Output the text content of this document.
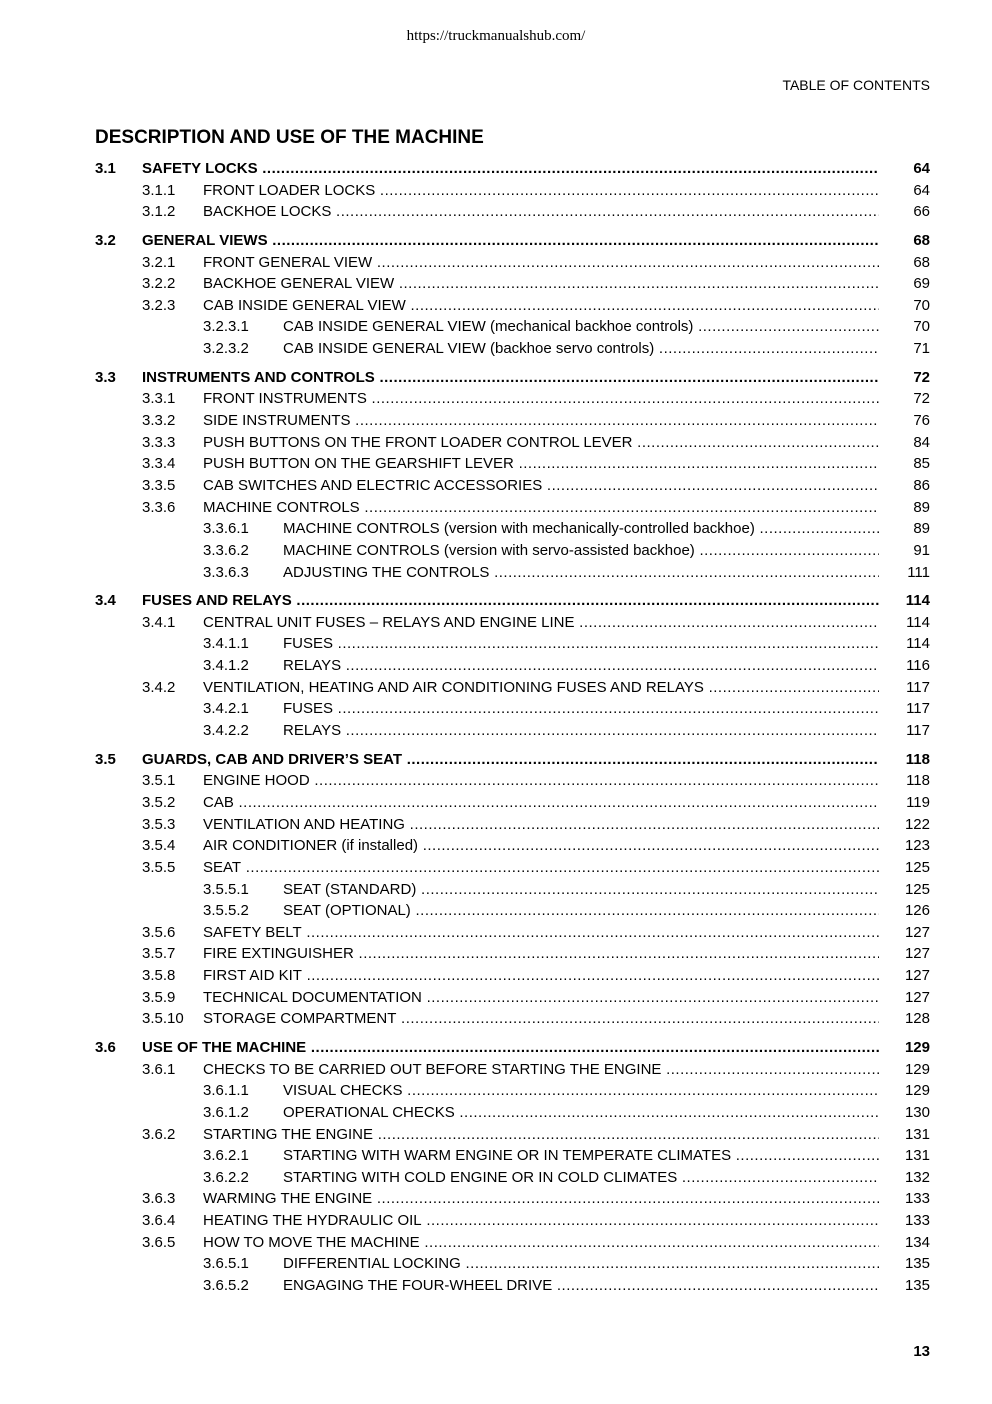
https://truckmanualshub.com/
TABLE OF CONTENTS
DESCRIPTION AND USE OF THE MACHINE
3.1 SAFETY LOCKS .....	64
3.1.1 FRONT LOADER LOCKS .....	64
3.1.2 BACKHOE LOCKS .....	66
3.2 GENERAL VIEWS .....	68
3.2.1 FRONT GENERAL VIEW .....	68
3.2.2 BACKHOE GENERAL VIEW .....	69
3.2.3 CAB INSIDE GENERAL VIEW .....	70
3.2.3.1 CAB INSIDE GENERAL VIEW (mechanical backhoe controls) .....	70
3.2.3.2 CAB INSIDE GENERAL VIEW (backhoe servo controls) .....	71
3.3 INSTRUMENTS AND CONTROLS .....	72
3.3.1 FRONT INSTRUMENTS .....	72
3.3.2 SIDE INSTRUMENTS .....	76
3.3.3 PUSH BUTTONS ON THE FRONT LOADER CONTROL LEVER .....	84
3.3.4 PUSH BUTTON ON THE GEARSHIFT LEVER .....	85
3.3.5 CAB SWITCHES AND ELECTRIC ACCESSORIES .....	86
3.3.6 MACHINE CONTROLS .....	89
3.3.6.1 MACHINE CONTROLS (version with mechanically-controlled backhoe) .....	89
3.3.6.2 MACHINE CONTROLS (version with servo-assisted backhoe) .....	91
3.3.6.3 ADJUSTING THE CONTROLS .....	111
3.4 FUSES AND RELAYS .....	114
3.4.1 CENTRAL UNIT FUSES – RELAYS AND ENGINE LINE .....	114
3.4.1.1 FUSES .....	114
3.4.1.2 RELAYS .....	116
3.4.2 VENTILATION, HEATING AND AIR CONDITIONING FUSES AND RELAYS .....	117
3.4.2.1 FUSES .....	117
3.4.2.2 RELAYS .....	117
3.5 GUARDS, CAB AND DRIVER’S SEAT .....	118
3.5.1 ENGINE HOOD .....	118
3.5.2 CAB .....	119
3.5.3 VENTILATION AND HEATING .....	122
3.5.4 AIR CONDITIONER (if installed) .....	123
3.5.5 SEAT .....	125
3.5.5.1 SEAT (STANDARD) .....	125
3.5.5.2 SEAT (OPTIONAL) .....	126
3.5.6 SAFETY BELT .....	127
3.5.7 FIRE EXTINGUISHER .....	127
3.5.8 FIRST AID KIT .....	127
3.5.9 TECHNICAL DOCUMENTATION .....	127
3.5.10 STORAGE COMPARTMENT .....	128
3.6 USE OF THE MACHINE .....	129
3.6.1 CHECKS TO BE CARRIED OUT BEFORE STARTING THE ENGINE .....	129
3.6.1.1 VISUAL CHECKS .....	129
3.6.1.2 OPERATIONAL CHECKS .....	130
3.6.2 STARTING THE ENGINE .....	131
3.6.2.1 STARTING WITH WARM ENGINE OR IN TEMPERATE CLIMATES .....	131
3.6.2.2 STARTING WITH COLD ENGINE OR IN COLD CLIMATES .....	132
3.6.3 WARMING THE ENGINE .....	133
3.6.4 HEATING THE HYDRAULIC OIL .....	133
3.6.5 HOW TO MOVE THE MACHINE .....	134
3.6.5.1 DIFFERENTIAL LOCKING .....	135
3.6.5.2 ENGAGING THE FOUR-WHEEL DRIVE .....	135
13
